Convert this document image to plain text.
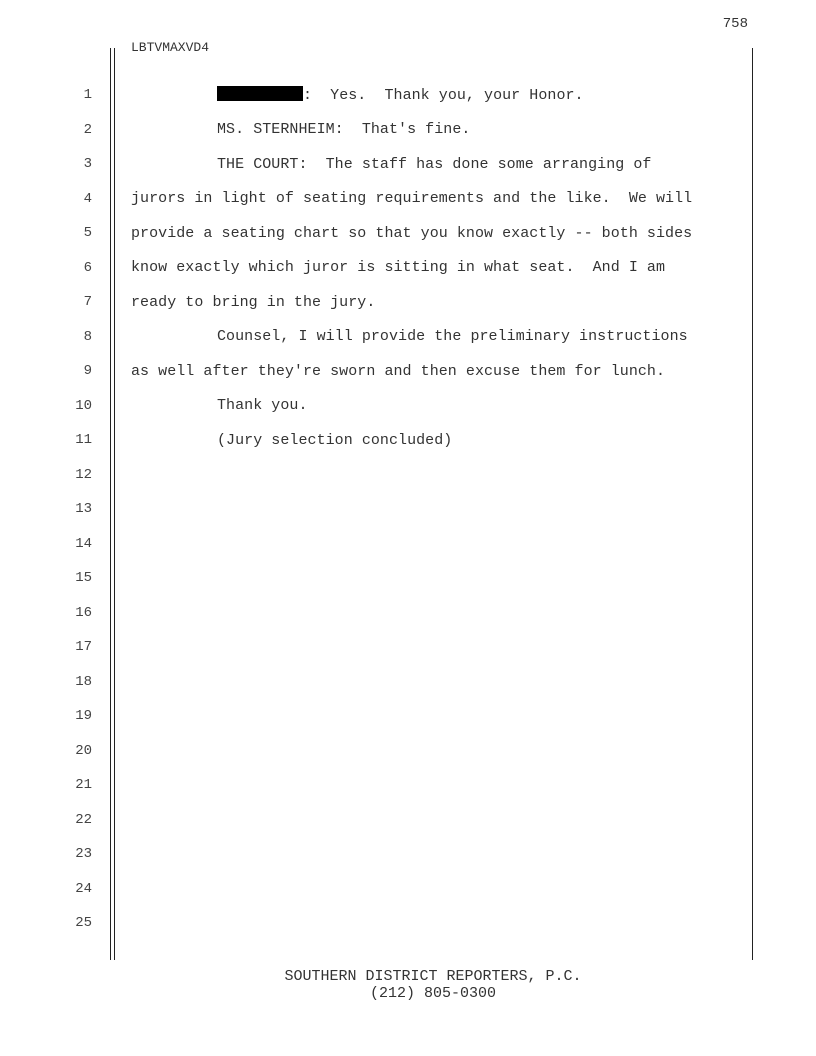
758
LBTVMAXVD4
1	:  Yes.  Thank you, your Honor.
2	MS. STERNHEIM:  That's fine.
3	THE COURT:  The staff has done some arranging of
4	jurors in light of seating requirements and the like.  We will
5	provide a seating chart so that you know exactly -- both sides
6	know exactly which juror is sitting in what seat.  And I am
7	ready to bring in the jury.
8	Counsel, I will provide the preliminary instructions
9	as well after they're sworn and then excuse them for lunch.
10	Thank you.
11	(Jury selection concluded)
12
13
14
15
16
17
18
19
20
21
22
23
24
25
SOUTHERN DISTRICT REPORTERS, P.C.
(212) 805-0300
